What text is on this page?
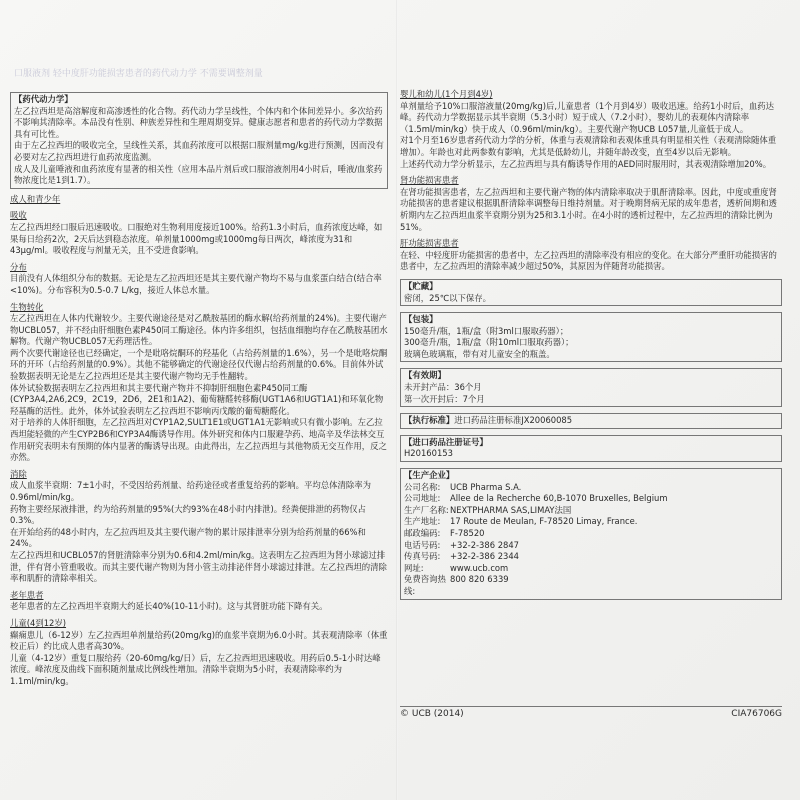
口服液剂 轻中度肝功能损害患者的药代动力学 不需要调整剂量

【药代动力学】

左乙拉西坦是高溶解度和高渗透性的化合物。药代动力学呈线性，个体内和个体间差异小。多次给药不影响其清除率。本品没有性别、种族差异性和生理周期变异。健康志愿者和患者的药代动力学数据具有可比性。

由于左乙拉西坦的吸收完全，呈线性关系，其血药浓度可以根据口服剂量mg/kg进行预测，因而没有必要对左乙拉西坦进行血药浓度监测。

成人及儿童唾液和血药浓度有显著的相关性（应用本品片剂后或口服溶液剂用4小时后，唾液/血浆药物浓度比是1到1.7）。

成人和青少年

吸收

左乙拉西坦经口服后迅速吸收。口服绝对生物利用度接近100%。给药1.3小时后，血药浓度达峰，如果每日给药2次，2天后达到稳态浓度。单剂量1000mg或1000mg每日两次，峰浓度为31和43μg/ml。吸收程度与剂量无关，且不受进食影响。

分布

目前没有人体组织分布的数据。无论是左乙拉西坦还是其主要代谢产物均不易与血浆蛋白结合(结合率<10%)。分布容积为0.5-0.7 L/kg，接近人体总水量。

生物转化

左乙拉西坦在人体内代谢较少。主要代谢途径是对乙酰胺基团的酶水解(给药剂量的24%)。主要代谢产物UCBL057，并不经由肝细胞色素P450同工酶途径。体内许多组织，包括血细胞均存在乙酰胺基团水解物。代谢产物UCBL057无药理活性。

两个次要代谢途径也已经确定，一个是吡咯烷酮环的羟基化（占给药剂量的1.6%），另一个是吡咯烷酮环的开环（占给药剂量的0.9%）。其他不能够确定的代谢途径仅代谢占给药剂量的0.6%。目前体外试验数据表明无论是左乙拉西坦还是其主要代谢产物均无手性翻转。

体外试验数据表明左乙拉西坦和其主要代谢产物并不抑制肝细胞色素P450同工酶(CYP3A4,2A6,2C9，2C19，2D6，2E1和1A2)、葡萄糖醛转移酶(UGT1A6和UGT1A1)和环氧化物羟基酶的活性。此外，体外试验表明左乙拉西坦不影响丙戊酸的葡萄糖醛化。

对于培养的人体肝细胞，左乙拉西坦对CYP1A2,SULT1E1或UGT1A1无影响或只有微小影响。左乙拉西坦能轻微的产生CYP2B6和CYP3A4酶诱导作用。体外研究和体内口服避孕药、地高辛及华法林交互作用研究表明未有预期的体内显著的酶诱导出现。由此得出，左乙拉西坦与其他物质无交互作用，反之亦然。

消除

成人血浆半衰期：7±1小时，不受因给药剂量、给药途径或者重复给药的影响。平均总体清除率为0.96ml/min/kg。

药物主要经尿液排泄，约为给药剂量的95%(大约93%在48小时内排泄)。经粪便排泄的药物仅占0.3%。

在开始给药的48小时内，左乙拉西坦及其主要代谢产物的累计尿排泄率分别为给药剂量的66%和24%。

左乙拉西坦和UCBL057的肾脏清除率分别为0.6和4.2ml/min/kg。这表明左乙拉西坦为肾小球滤过排泄，伴有肾小管重吸收。而其主要代谢产物则为肾小管主动排泌伴肾小球滤过排泄。左乙拉西坦的清除率和肌酐的清除率相关。

老年患者

老年患者的左乙拉西坦半衰期大约延长40%(10-11小时)。这与其肾脏功能下降有关。

儿童(4到12岁)

癫痫患儿（6-12岁）左乙拉西坦单剂量给药(20mg/kg)的血浆半衰期为6.0小时。其表观清除率（体重校正后）约比成人患者高30%。

儿童（4-12岁）重复口服给药（20-60mg/kg/日）后，左乙拉西坦迅速吸收。用药后0.5-1小时达峰浓度。峰浓度及曲线下面积随剂量成比例线性增加。清除半衰期为5小时，表观清除率约为1.1ml/min/kg。

婴儿和幼儿(1个月到4岁)

单剂量给予10%口服溶液量(20mg/kg)后,儿童患者（1个月到4岁）吸收迅速。给药1小时后，血药达峰。药代动力学数据显示其半衰期（5.3小时）短于成人（7.2小时），婴幼儿的表观体内清除率（1.5ml/min/kg）快于成人（0.96ml/min/kg）。主要代谢产物UCB L057量,儿童低于成人。

对1个月至16岁患者药代动力学的分析，体重与表观清除和表观体重具有明显相关性（表观清除随体重增加）。年龄也对此两参数有影响，尤其是低龄幼儿，并随年龄改变，直至4岁以后无影响。

上述药代动力学分析显示，左乙拉西坦与具有酶诱导作用的AED同时服用时，其表观清除增加20%。

肾功能损害患者

在肾功能损害患者，左乙拉西坦和主要代谢产物的体内清除率取决于肌酐清除率。因此，中度或重度肾功能损害的患者建议根据肌酐清除率调整每日维持剂量。对于晚期肾病无尿的成年患者，透析间期和透析期内左乙拉西坦血浆半衰期分别为25和3.1小时。在4小时的透析过程中，左乙拉西坦的清除比例为51%。

肝功能损害患者

在轻、中轻度肝功能损害的患者中，左乙拉西坦的清除率没有相应的变化。在大部分严重肝功能损害的患者中，左乙拉西坦的清除率减少超过50%，其原因为伴随肾功能损害。

【贮藏】

密闭，25℃以下保存。

【包装】

150毫升/瓶，1瓶/盒（附3ml口服取药器）；

300毫升/瓶，1瓶/盒（附10ml口服取药器）；

玻璃色玻璃瓶，带有对儿童安全的瓶盖。

【有效期】

未开封产品：36个月

第一次开封后：7个月

【执行标准】进口药品注册标准JX20060085

【进口药品注册证号】

H20160153

【生产企业】

公司名称:	UCB Pharma S.A.
公司地址:	Allee de la Recherche 60,B-1070 Bruxelles, Belgium
生产厂名称: NEXTPHARMA SAS,LIMAY法国
生产地址:	17 Route de Meulan, F-78520 Limay, France.
邮政编码:	F-78520
电话号码:	+32-2-386 2847
传真号码:	+32-2-386 2344
网址:	www.ucb.com
免费咨询热线:
800 820 6339
© UCB (2014)	CIA76706G
